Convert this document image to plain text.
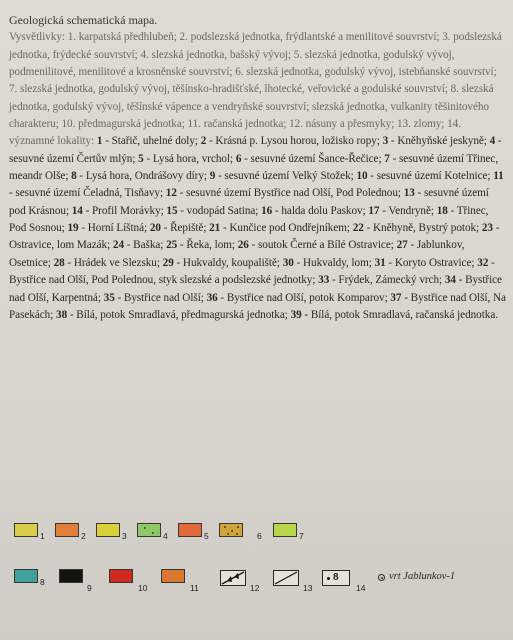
Geologická schematická mapa.
Vysvětlivky: 1. karpatská předhlubeň; 2. podslezská jednotka, frýdlantské a menilitové souvrství; 3. podslezská jednotka, frýdecké souvrství; 4. slezská jednotka, bašský vývoj; 5. slezská jednotka, godulský vývoj, podmenilitové, menilitové a krosněnské souvrství; 6. slezská jednotka, godulský vývoj, istebňanské souvrství; 7. slezská jednotka, godulský vývoj, těšínsko-hradišťské, lhotecké, veřovické a godulské souvrství; 8. slezská jednotka, godulský vývoj, těšínské vápence a vendryňské souvrství; slezská jednotka, vulkanity těšinitového charakteru; 10. předmagurská jednotka; 11. račanská jednotka; 12. násuny a přesmyky; 13. zlomy; 14. významné lokality: 1 - Stařič, uhelné doly; 2 - Krásná p. Lysou horou, ložisko ropy; 3 - Kněhyňské jeskyně; 4 - sesuvné území Čertův mlýn; 5 - Lysá hora, vrchol; 6 - sesuvné území Šance-Řečice; 7 - sesuvné území Třinec, meandr Olše; 8 - Lysá hora, Ondrášovy díry; 9 - sesuvné území Velký Stožek; 10 - sesuvné území Kotelnice; 11 - sesuvné území Čeladná, Tisňavy; 12 - sesuvné území Bystřice nad Olší, Pod Polednou; 13 - sesuvné území pod Krásnou; 14 - Profil Morávky; 15 - vodopád Satina; 16 - halda dolu Paskov; 17 - Vendryně; 18 - Třinec, Pod Sosnou; 19 - Horní Líštná; 20 - Řepiště; 21 - Kunčice pod Ondřejníkem; 22 - Kněhyně, Bystrý potok; 23 - Ostravice, lom Mazák; 24 - Baška; 25 - Řeka, lom; 26 - soutok Černé a Bílé Ostravice; 27 - Jablunkov, Osetnice; 28 - Hrádek ve Slezsku; 29 - Hukvaldy, koupaliště; 30 - Hukvaldy, lom; 31 - Koryto Ostravice; 32 - Bystřice nad Olší, Pod Polednou, styk slezské a podslezské jednotky; 33 - Frýdek, Zámecký vrch; 34 - Bystřice nad Olší, Karpentná; 35 - Bystřice nad Olší; 36 - Bystřice nad Olší, potok Komparov; 37 - Bystřice nad Olší, Na Pasekách; 38 - Bílá, potok Smradlavá, předmagurská jednotka; 39 - Bílá, potok Smradlavá, račanská jednotka.
1	2	3	4	5	6	7
8
9	10	11	12	13
8
14
vrt Jablunkov-1
